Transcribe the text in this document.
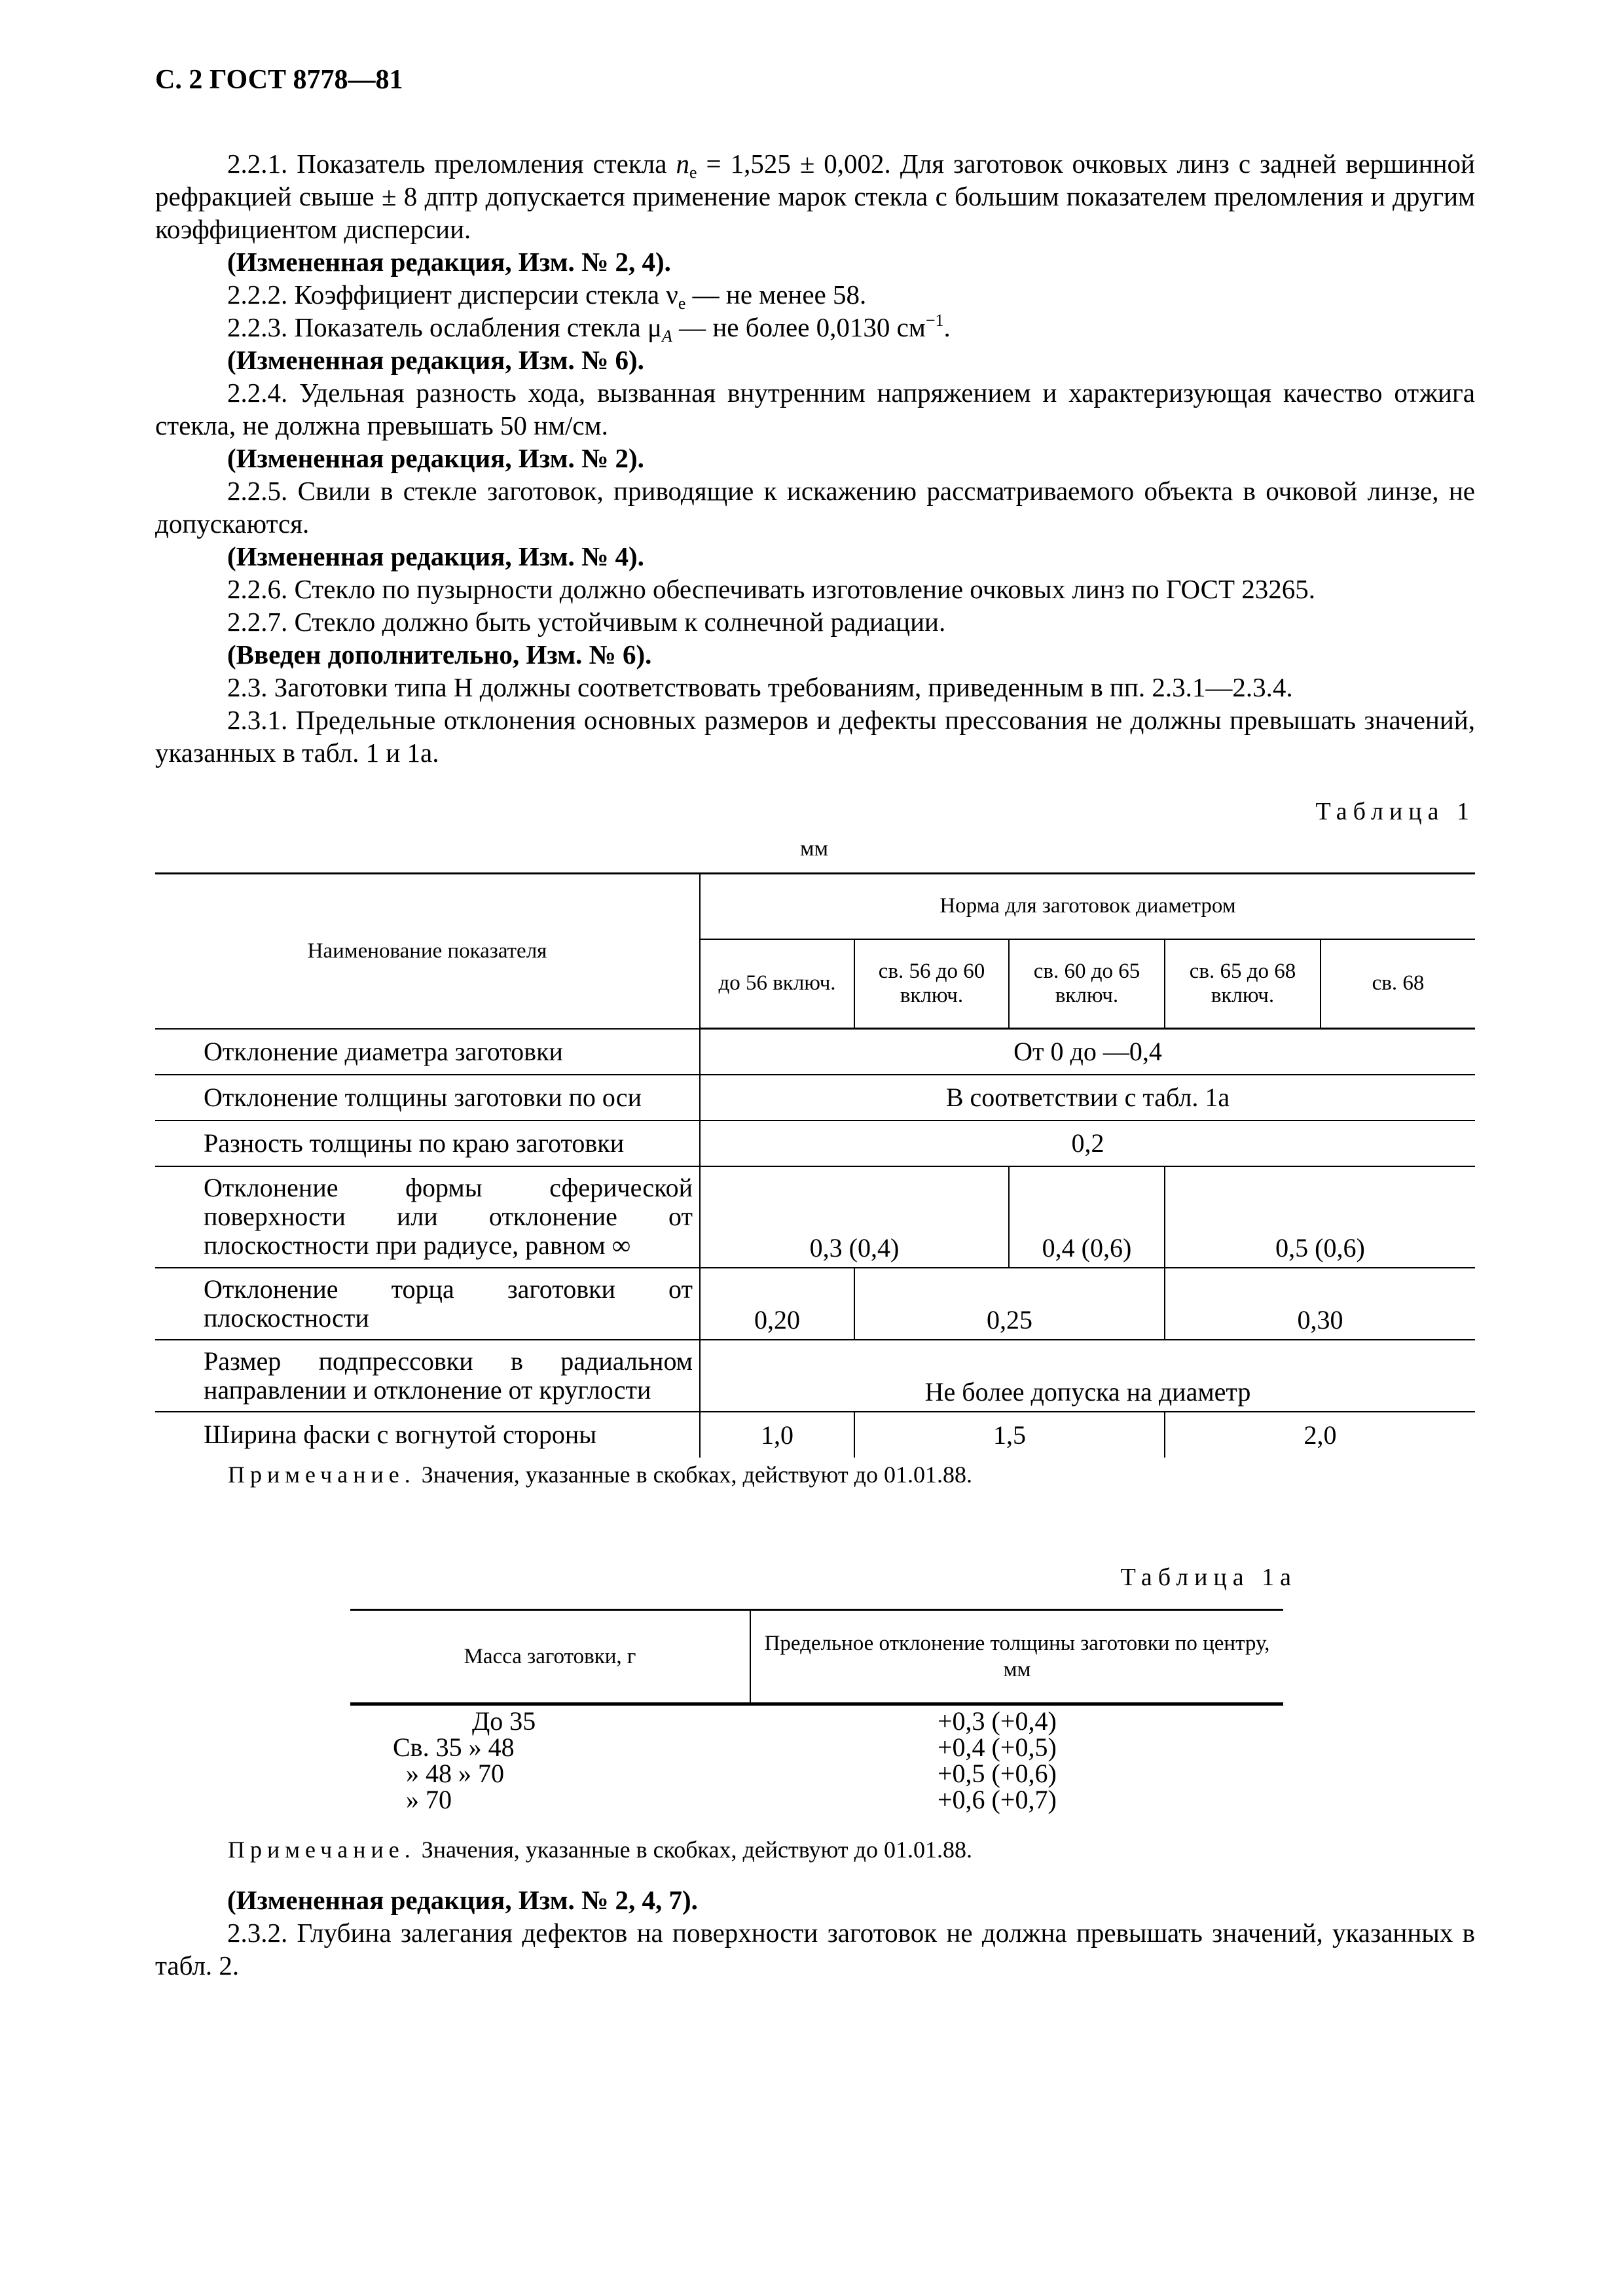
С. 2 ГОСТ 8778—81

2.2.1. Показатель преломления стекла $n_e = 1,525 \pm 0,002$. Для заготовок очковых линз с задней вершинной рефракцией свыше ± 8 дптр допускается применение марок стекла с большим показателем преломления и другим коэффициентом дисперсии.

(Измененная редакция, Изм. № 2, 4).

2.2.2. Коэффициент дисперсии стекла $\nu_e$ — не менее 58.

2.2.3. Показатель ослабления стекла $\mu_A$ — не более 0,0130 $см^{-1}$.

(Измененная редакция, Изм. № 6).

2.2.4. Удельная разность хода, вызванная внутренним напряжением и характеризующая качество отжига стекла, не должна превышать 50 нм/см.

(Измененная редакция, Изм. № 2).

2.2.5. Свили в стекле заготовок, приводящие к искажению рассматриваемого объекта в очковой линзе, не допускаются.

(Измененная редакция, Изм. № 4).

2.2.6. Стекло по пузырности должно обеспечивать изготовление очковых линз по ГОСТ 23265.

2.2.7. Стекло должно быть устойчивым к солнечной радиации.

(Введен дополнительно, Изм. № 6).

2.3. Заготовки типа Н должны соответствовать требованиям, приведенным в пп. 2.3.1—2.3.4.

2.3.1. Предельные отклонения основных размеров и дефекты прессования не должны превышать значений, указанных в табл. 1 и 1а.

Таблица 1
мм
Наименование показателя	Норма для заготовок диаметром				
	до 56 включ.	св. 56 до 60 включ.	св. 60 до 65 включ.	св. 65 до 68 включ.	св. 68
Отклонение диаметра заготовки	От 0 до —0,4				
Отклонение толщины заготовки по оси	В соответствии с табл. 1а				
Разность толщины по краю заготовки	0,2				
Отклонение формы сферической поверхности или отклонение от плоскостности при радиусе, равном ∞	0,3 (0,4)		0,4 (0,6)	0,5 (0,6)	
Отклонение торца заготовки от плоскостности	0,20	0,25		0,30	
Размер подпрессовки в радиальном направлении и отклонение от круглости	Не более допуска на диаметр				
Ширина фаски с вогнутой стороны	1,0	1,5		2,0	
Примечание. Значения, указанные в скобках, действуют до 01.01.88.
Таблица 1а
Масса заготовки, г	Предельное отклонение толщины заготовки по центру, мм
До 35	+0,3 (+0,4)
Св. 35 » 48	+0,4 (+0,5)
» 48 » 70	+0,5 (+0,6)
» 70	+0,6 (+0,7)
Примечание. Значения, указанные в скобках, действуют до 01.01.88.

(Измененная редакция, Изм. № 2, 4, 7).

2.3.2. Глубина залегания дефектов на поверхности заготовок не должна превышать значений, указанных в табл. 2.
